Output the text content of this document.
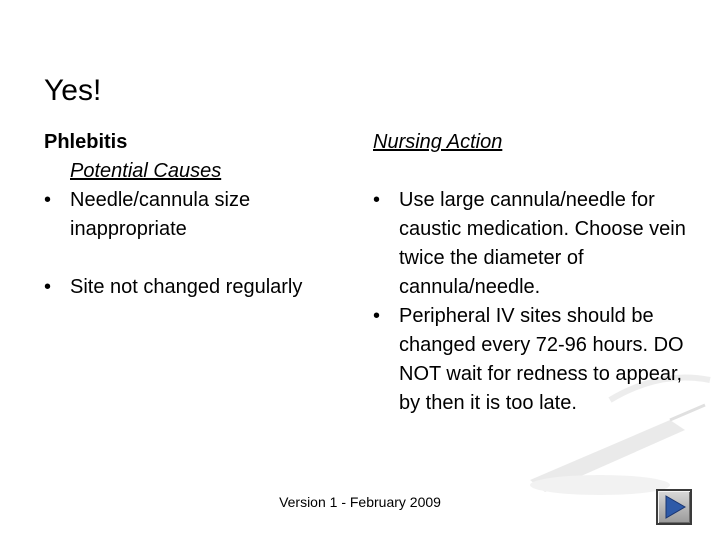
Yes!
Phlebitis
Potential Causes
• Needle/cannula size inappropriate
• Site not changed regularly
Nursing Action
• Use large cannula/needle for caustic medication. Choose vein twice the diameter of cannula/needle.
• Peripheral IV sites should be changed every 72-96 hours. DO NOT wait for redness to appear, by then it is too late.
Version 1 - February 2009
